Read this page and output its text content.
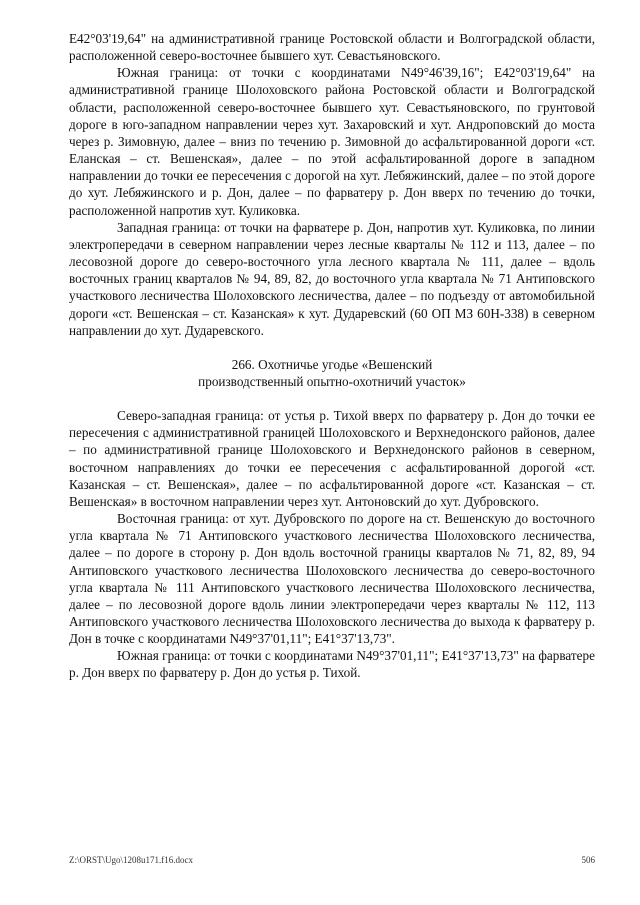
E42°03'19,64" на административной границе Ростовской области и Волгоградской области, расположенной северо-восточнее бывшего хут. Севастьяновского.

Южная граница: от точки с координатами N49°46'39,16"; E42°03'19,64" на административной границе Шолоховского района Ростовской области и Волгоградской области, расположенной северо-восточнее бывшего хут. Севастьяновского, по грунтовой дороге в юго-западном направлении через хут. Захаровский и хут. Андроповский до моста через р. Зимовную, далее – вниз по течению р. Зимовной до асфальтированной дороги «ст. Еланская – ст. Вешенская», далее – по этой асфальтированной дороге в западном направлении до точки ее пересечения с дорогой на хут. Лебяжинский, далее – по этой дороге до хут. Лебяжинского и р. Дон, далее – по фарватеру р. Дон вверх по течению до точки, расположенной напротив хут. Куликовка.

Западная граница: от точки на фарватере р. Дон, напротив хут. Куликовка, по линии электропередачи в северном направлении через лесные кварталы № 112 и 113, далее – по лесовозной дороге до северо-восточного угла лесного квартала № 111, далее – вдоль восточных границ кварталов № 94, 89, 82, до восточного угла квартала № 71 Антиповского участкового лесничества Шолоховского лесничества, далее – по подъезду от автомобильной дороги «ст. Вешенская – ст. Казанская» к хут. Дударевский (60 ОП МЗ 60Н-338) в северном направлении до хут. Дударевского.

266. Охотничье угодье «Вешенский
производственный опытно-охотничий участок»

Северо-западная граница: от устья р. Тихой вверх по фарватеру р. Дон до точки ее пересечения с административной границей Шолоховского и Верхнедонского районов, далее – по административной границе Шолоховского и Верхнедонского районов в северном, восточном направлениях до точки ее пересечения с асфальтированной дорогой «ст. Казанская – ст. Вешенская», далее – по асфальтированной дороге «ст. Казанская – ст. Вешенская» в восточном направлении через хут. Антоновский до хут. Дубровского.

Восточная граница: от хут. Дубровского по дороге на ст. Вешенскую до восточного угла квартала № 71 Антиповского участкового лесничества Шолоховского лесничества, далее – по дороге в сторону р. Дон вдоль восточной границы кварталов № 71, 82, 89, 94 Антиповского участкового лесничества Шолоховского лесничества до северо-восточного угла квартала № 111 Антиповского участкового лесничества Шолоховского лесничества, далее – по лесовозной дороге вдоль линии электропередачи через кварталы № 112, 113 Антиповского участкового лесничества Шолоховского лесничества до выхода к фарватеру р. Дон в точке с координатами N49°37'01,11"; E41°37'13,73".

Южная граница: от точки с координатами N49°37'01,11"; E41°37'13,73" на фарватере р. Дон вверх по фарватеру р. Дон до устья р. Тихой.

Z:\ORST\Ugo\1208u171.f16.docx	506
